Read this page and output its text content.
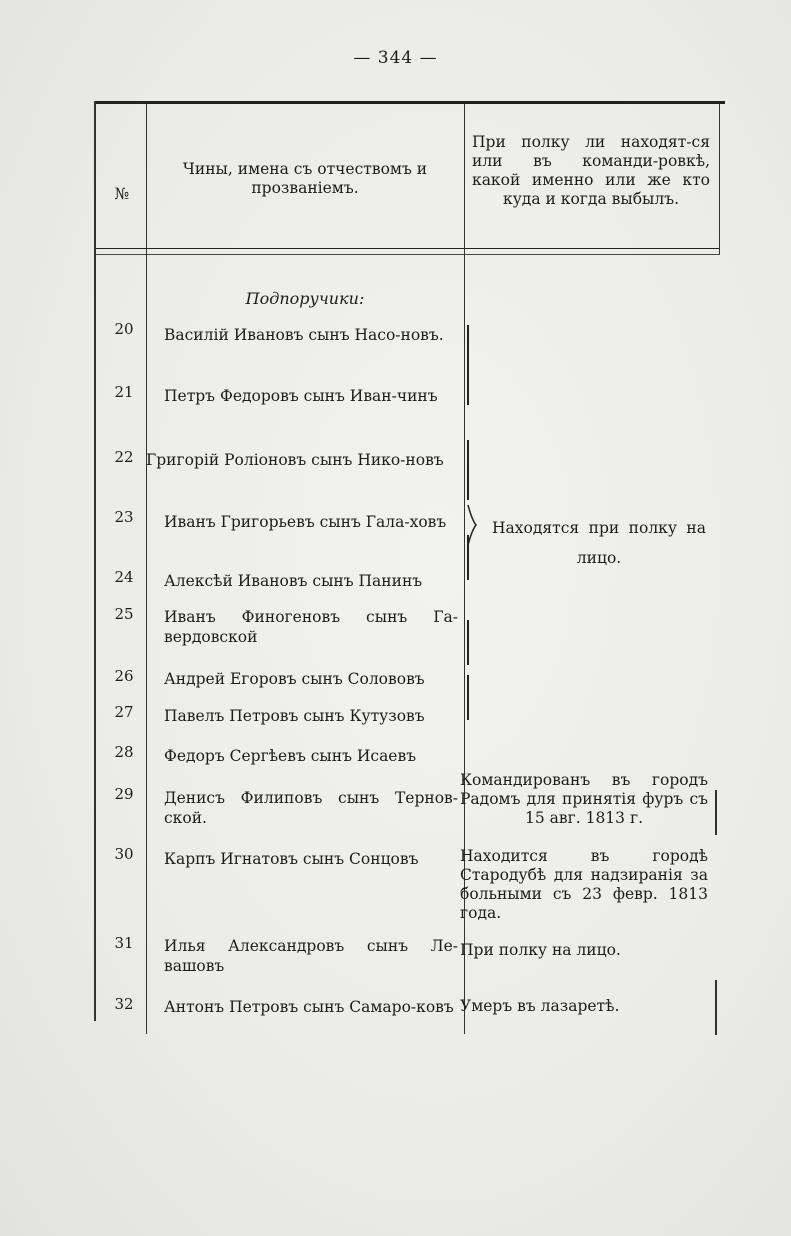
— 344 —
№
Чины, имена съ отчествомъ и прозваніемъ.
При полку ли находят-ся или въ команди-ровкѣ, какой именно или же кто куда и когда выбылъ.
Подпоручики:
20
21
22
23
24
25
26
27
28
29
30
31
32
Василій Ивановъ сынъ Насо-новъ.
Петръ Федоровъ сынъ Иван-чинъ
Григорій Роліоновъ сынъ Нико-новъ
Иванъ Григорьевъ сынъ Гала-ховъ
Алексѣй Ивановъ сынъ Панинъ
Иванъ Финогеновъ сынъ Га-вердовской
Андрей Егоровъ сынъ Солововъ
Павелъ Петровъ сынъ Кутузовъ
Федоръ Сергѣевъ сынъ Исаевъ
Денисъ Филиповъ сынъ Тернов-ской.
Карпъ Игнатовъ сынъ Сонцовъ
Илья Александровъ сынъ Ле-вашовъ
Антонъ Петровъ сынъ Самаро-ковъ
Находятся при полку на лицо.
Командированъ въ городъ Радомъ для принятія фуръ съ 15 авг. 1813 г.
Находится въ городѣ Стародубѣ для надзиранія за больными съ 23 февр. 1813 года.
При полку на лицо.
Умеръ въ лазаретѣ.
